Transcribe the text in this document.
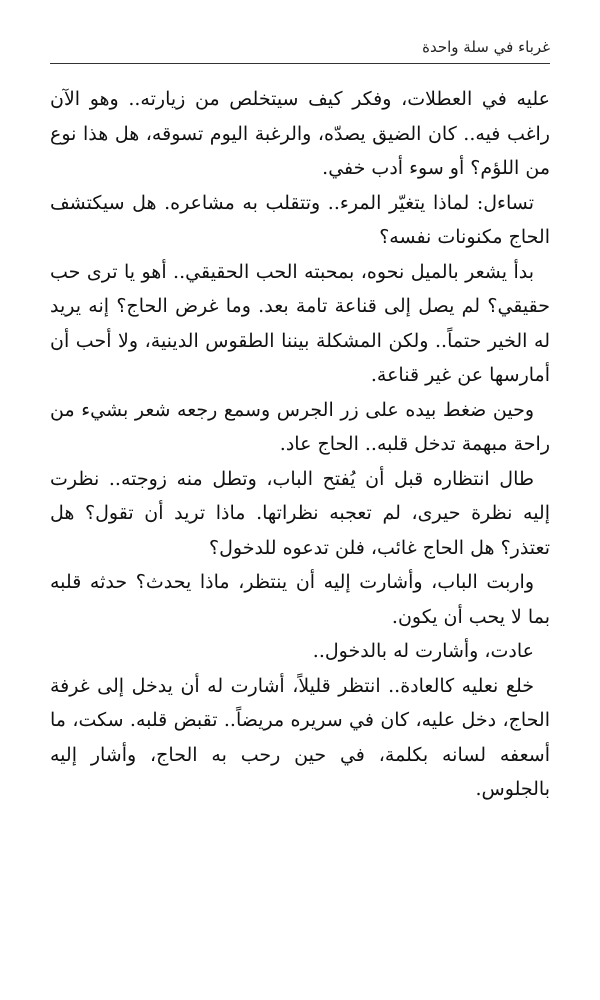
غرباء في سلة واحدة

عليه في العطلات، وفكر كيف سيتخلص من زيارته.. وهو الآن راغب فيه.. كان الضيق يصدّه، والرغبة اليوم تسوقه، هل هذا نوع من اللؤم؟ أو سوء أدب خفي.

تساءل: لماذا يتغيّر المرء.. وتتقلب به مشاعره. هل سيكتشف الحاج مكنونات نفسه؟

بدأ يشعر بالميل نحوه، بمحبته الحب الحقيقي.. أهو يا ترى حب حقيقي؟ لم يصل إلى قناعة تامة بعد. وما غرض الحاج؟ إنه يريد له الخير حتماً.. ولكن المشكلة بيننا الطقوس الدينية، ولا أحب أن أمارسها عن غير قناعة.

وحين ضغط بيده على زر الجرس وسمع رجعه شعر بشيء من راحة مبهمة تدخل قلبه.. الحاج عاد.

طال انتظاره قبل أن يُفتح الباب، وتطل منه زوجته.. نظرت إليه نظرة حيرى، لم تعجبه نظراتها. ماذا تريد أن تقول؟ هل تعتذر؟ هل الحاج غائب، فلن تدعوه للدخول؟

واربت الباب، وأشارت إليه أن ينتظر، ماذا يحدث؟ حدثه قلبه بما لا يحب أن يكون.

عادت، وأشارت له بالدخول..

خلع نعليه كالعادة.. انتظر قليلاً، أشارت له أن يدخل إلى غرفة الحاج، دخل عليه، كان في سريره مريضاً.. تقبض قلبه. سكت، ما أسعفه لسانه بكلمة، في حين رحب به الحاج، وأشار إليه بالجلوس.
